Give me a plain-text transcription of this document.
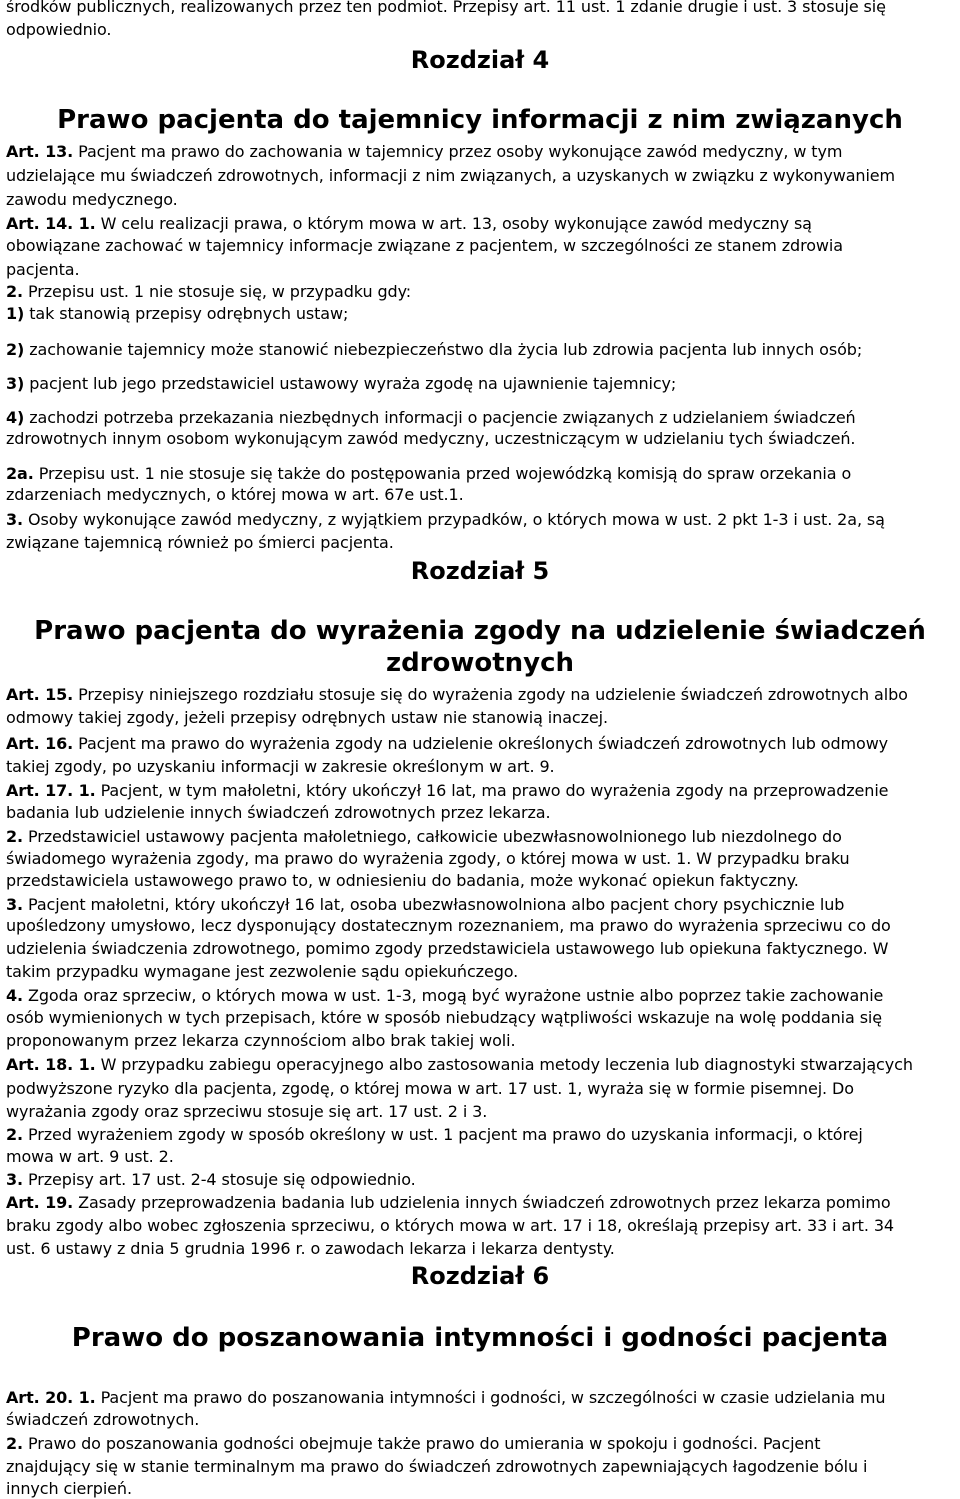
Rozdział 4
Prawo pacjenta do tajemnicy informacji z nim związanych
Rozdział 5
Prawo pacjenta do wyrażenia zgody na udzielenie świadczeń
zdrowotnych
Rozdział 6
Prawo do poszanowania intymności i godności pacjenta
środków publicznych, realizowanych przez ten podmiot. Przepisy art. 11 ust. 1 zdanie drugie i ust. 3 stosuje się
odpowiednio.
Art. 13. Pacjent ma prawo do zachowania w tajemnicy przez osoby wykonujące zawód medyczny, w tym
udzielające mu świadczeń zdrowotnych, informacji z nim związanych, a uzyskanych w związku z wykonywaniem
zawodu medycznego.
Art. 14. 1. W celu realizacji prawa, o którym mowa w art. 13, osoby wykonujące zawód medyczny są
obowiązane zachować w tajemnicy informacje związane z pacjentem, w szczególności ze stanem zdrowia
pacjenta.
2. Przepisu ust. 1 nie stosuje się, w przypadku gdy:
1) tak stanowią przepisy odrębnych ustaw;
2) zachowanie tajemnicy może stanowić niebezpieczeństwo dla życia lub zdrowia pacjenta lub innych osób;
3) pacjent lub jego przedstawiciel ustawowy wyraża zgodę na ujawnienie tajemnicy;
4) zachodzi potrzeba przekazania niezbędnych informacji o pacjencie związanych z udzielaniem świadczeń
zdrowotnych innym osobom wykonującym zawód medyczny, uczestniczącym w udzielaniu tych świadczeń.
2a. Przepisu ust. 1 nie stosuje się także do postępowania przed wojewódzką komisją do spraw orzekania o
zdarzeniach medycznych, o której mowa w art. 67e ust.1.
3. Osoby wykonujące zawód medyczny, z wyjątkiem przypadków, o których mowa w ust. 2 pkt 1-3 i ust. 2a, są
związane tajemnicą również po śmierci pacjenta.
Art. 15. Przepisy niniejszego rozdziału stosuje się do wyrażenia zgody na udzielenie świadczeń zdrowotnych albo
odmowy takiej zgody, jeżeli przepisy odrębnych ustaw nie stanowią inaczej.
Art. 16. Pacjent ma prawo do wyrażenia zgody na udzielenie określonych świadczeń zdrowotnych lub odmowy
takiej zgody, po uzyskaniu informacji w zakresie określonym w art. 9.
Art. 17. 1. Pacjent, w tym małoletni, który ukończył 16 lat, ma prawo do wyrażenia zgody na przeprowadzenie
badania lub udzielenie innych świadczeń zdrowotnych przez lekarza.
2. Przedstawiciel ustawowy pacjenta małoletniego, całkowicie ubezwłasnowolnionego lub niezdolnego do
świadomego wyrażenia zgody, ma prawo do wyrażenia zgody, o której mowa w ust. 1. W przypadku braku
przedstawiciela ustawowego prawo to, w odniesieniu do badania, może wykonać opiekun faktyczny.
3. Pacjent małoletni, który ukończył 16 lat, osoba ubezwłasnowolniona albo pacjent chory psychicznie lub
upośledzony umysłowo, lecz dysponujący dostatecznym rozeznaniem, ma prawo do wyrażenia sprzeciwu co do
udzielenia świadczenia zdrowotnego, pomimo zgody przedstawiciela ustawowego lub opiekuna faktycznego. W
takim przypadku wymagane jest zezwolenie sądu opiekuńczego.
4. Zgoda oraz sprzeciw, o których mowa w ust. 1-3, mogą być wyrażone ustnie albo poprzez takie zachowanie
osób wymienionych w tych przepisach, które w sposób niebudzący wątpliwości wskazuje na wolę poddania się
proponowanym przez lekarza czynnościom albo brak takiej woli.
Art. 18. 1. W przypadku zabiegu operacyjnego albo zastosowania metody leczenia lub diagnostyki stwarzających
podwyższone ryzyko dla pacjenta, zgodę, o której mowa w art. 17 ust. 1, wyraża się w formie pisemnej. Do
wyrażania zgody oraz sprzeciwu stosuje się art. 17 ust. 2 i 3.
2. Przed wyrażeniem zgody w sposób określony w ust. 1 pacjent ma prawo do uzyskania informacji, o której
mowa w art. 9 ust. 2.
3. Przepisy art. 17 ust. 2-4 stosuje się odpowiednio.
Art. 19. Zasady przeprowadzenia badania lub udzielenia innych świadczeń zdrowotnych przez lekarza pomimo
braku zgody albo wobec zgłoszenia sprzeciwu, o których mowa w art. 17 i 18, określają przepisy art. 33 i art. 34
ust. 6 ustawy z dnia 5 grudnia 1996 r. o zawodach lekarza i lekarza dentysty.
Art. 20. 1. Pacjent ma prawo do poszanowania intymności i godności, w szczególności w czasie udzielania mu
świadczeń zdrowotnych.
2. Prawo do poszanowania godności obejmuje także prawo do umierania w spokoju i godności. Pacjent
znajdujący się w stanie terminalnym ma prawo do świadczeń zdrowotnych zapewniających łagodzenie bólu i
innych cierpień.
